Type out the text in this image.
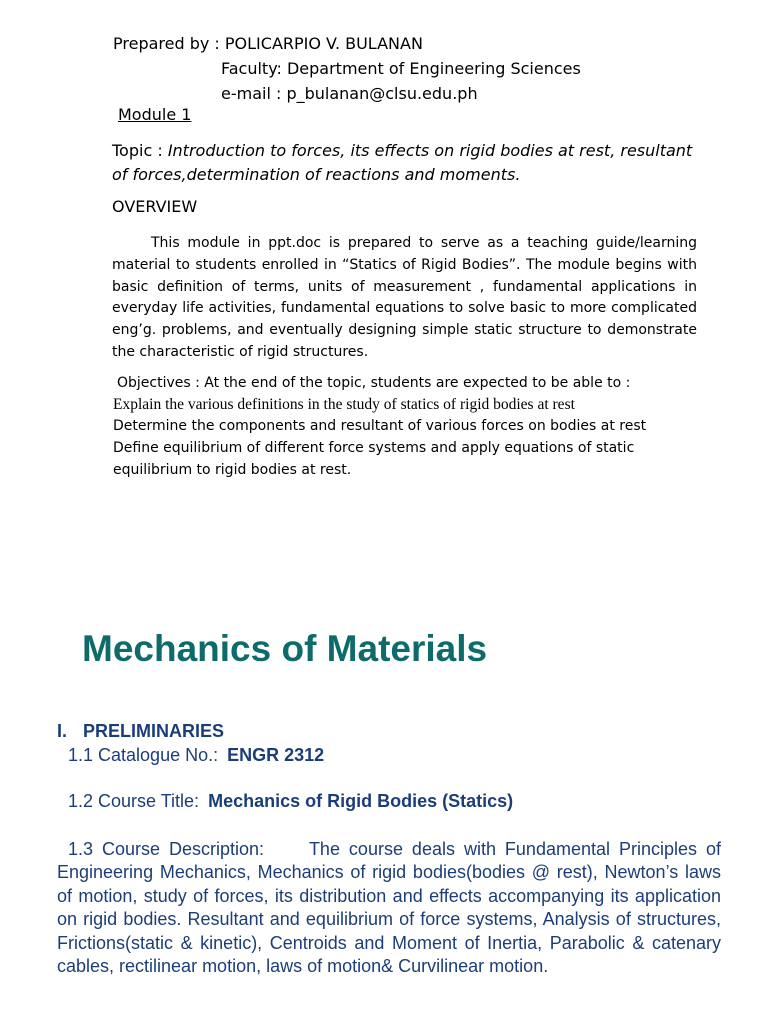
Prepared by : POLICARPIO V. BULANAN
Faculty: Department of Engineering Sciences
e-mail : p_bulanan@clsu.edu.ph
Module 1
Topic : Introduction to forces, its effects on rigid bodies at rest, resultant of forces,determination of reactions and moments.
OVERVIEW

This module in ppt.doc is prepared to serve as a teaching guide/learning material to students enrolled in “Statics of Rigid Bodies”. The module begins with basic definition of terms, units of measurement , fundamental applications in everyday life activities, fundamental equations to solve basic to more complicated eng’g. problems, and eventually designing simple static structure to demonstrate the characteristic of rigid structures.

Objectives : At the end of the topic, students are expected to be able to :
Explain the various definitions in the study of statics of rigid bodies at rest
Determine the components and resultant of various forces on bodies at rest
Define equilibrium of different force systems and apply equations of static
equilibrium to rigid bodies at rest.
Mechanics of Materials
I. PRELIMINARIES
1.1 Catalogue No.: ENGR 2312
1.2 Course Title: Mechanics of Rigid Bodies (Statics)

1.3 Course Description: The course deals with Fundamental Principles of Engineering Mechanics, Mechanics of rigid bodies(bodies @ rest), Newton’s laws of motion, study of forces, its distribution and effects accompanying its application on rigid bodies. Resultant and equilibrium of force systems, Analysis of structures, Frictions(static & kinetic), Centroids and Moment of Inertia, Parabolic & catenary cables, rectilinear motion, laws of motion& Curvilinear motion.
